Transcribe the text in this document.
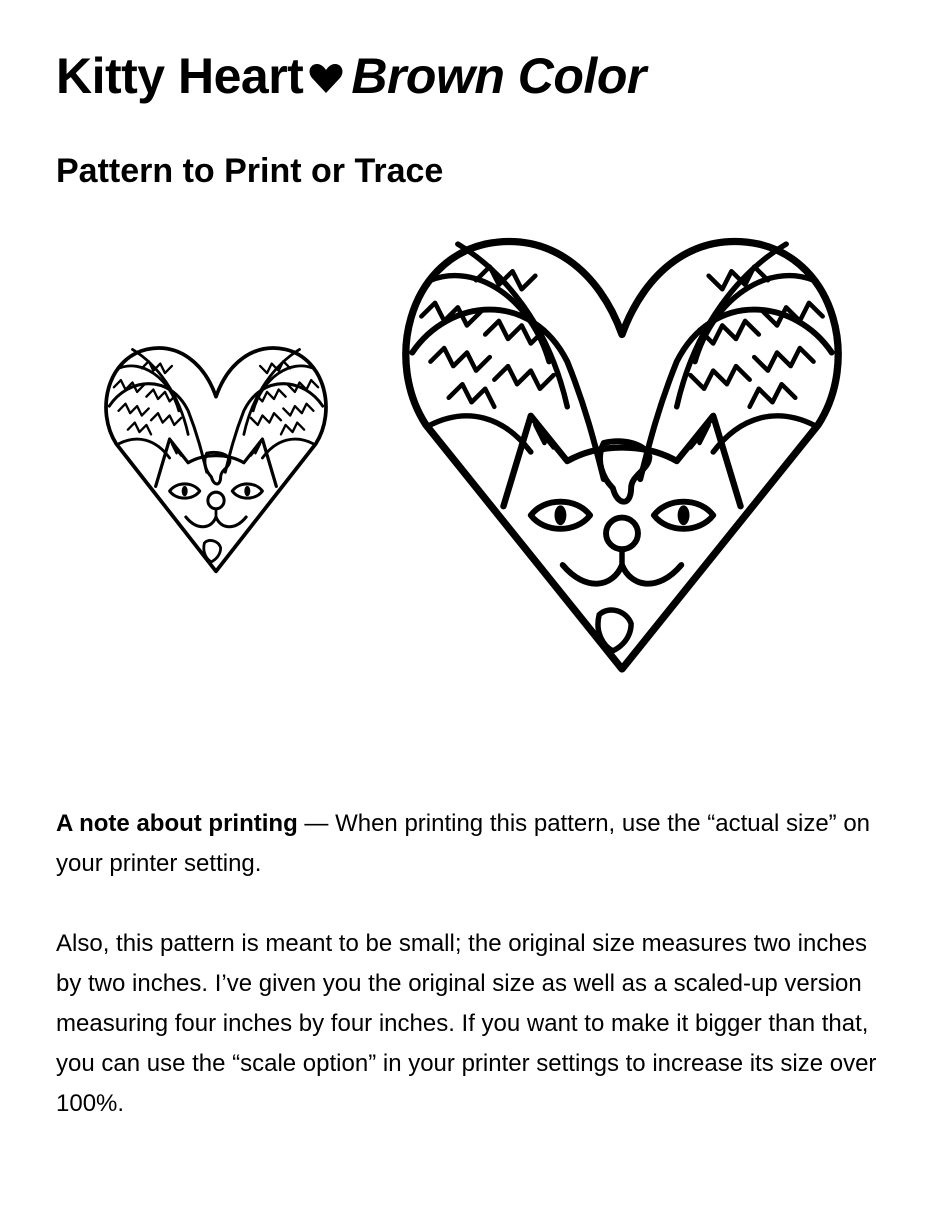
Kitty Heart Brown Color
Pattern to Print or Trace

A note about printing — When printing this pattern, use the “actual size” on your printer setting.

Also, this pattern is meant to be small; the original size measures two inches by two inches. I’ve given you the original size as well as a scaled-up version measuring four inches by four inches. If you want to make it bigger than that, you can use the “scale option” in your printer settings to increase its size over 100%.
